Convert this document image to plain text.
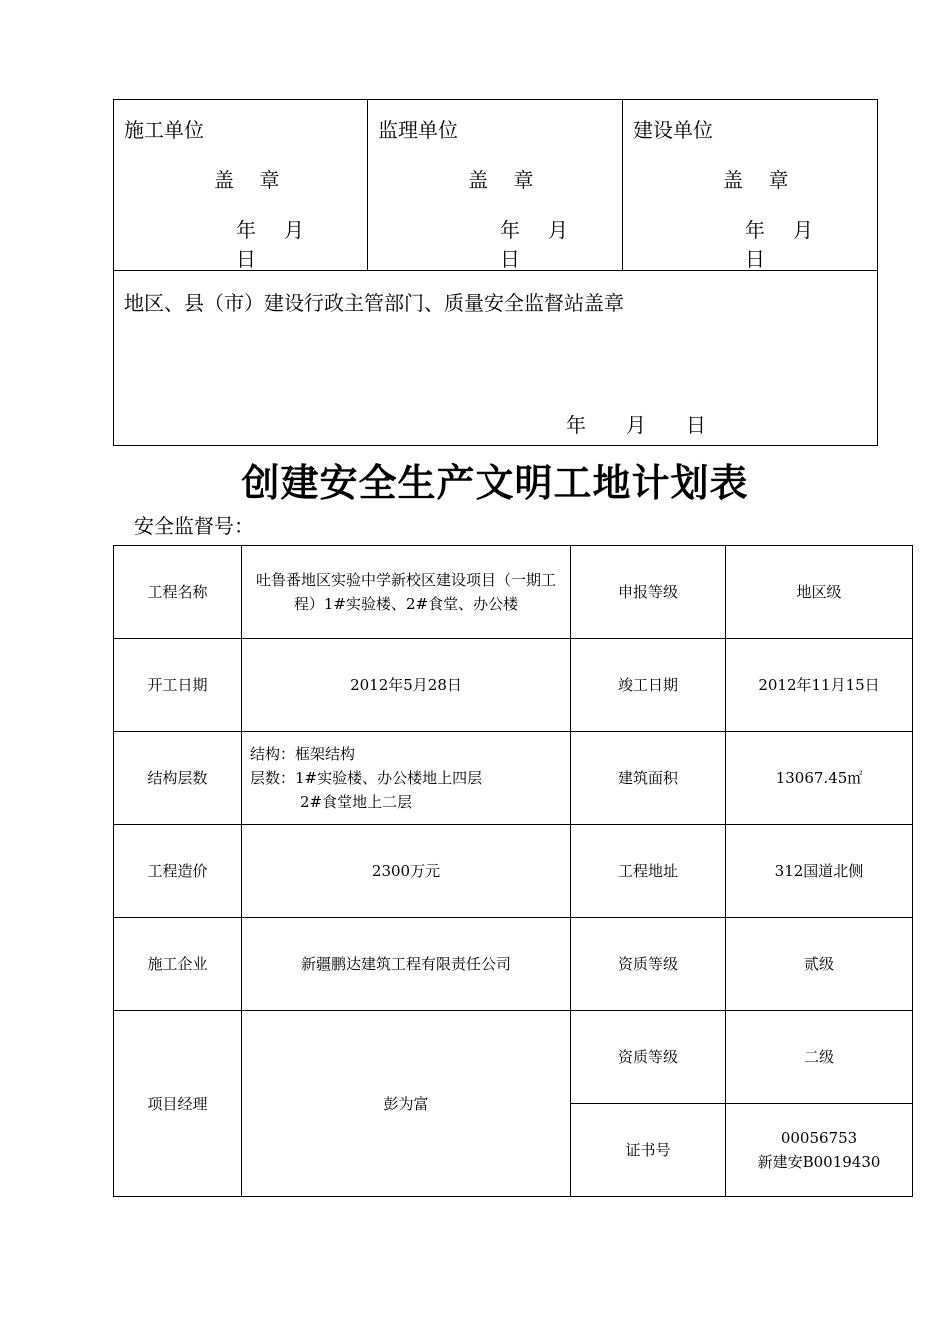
施工单位
盖 章
年 月日

监理单位
盖 章
年 月日

建设单位
盖 章
年 月日

地区、县（市）建设行政主管部门、质量安全监督站盖章
年 月 日
创建安全生产文明工地计划表
安全监督号：
工程名称	吐鲁番地区实验中学新校区建设项目（一期工程）1#实验楼、2#食堂、办公楼	申报等级	地区级
开工日期	2012年5月28日	竣工日期	2012年11月15日
结构层数	结构：框架结构
层数：1#实验楼、办公楼地上四层
2#食堂地上二层	建筑面积	13067.45㎡
工程造价	2300万元	工程地址	312国道北侧
施工企业	新疆鹏达建筑工程有限责任公司	资质等级	贰级
项目经理	彭为富	资质等级	二级
		证书号	00056753
新建安B0019430
